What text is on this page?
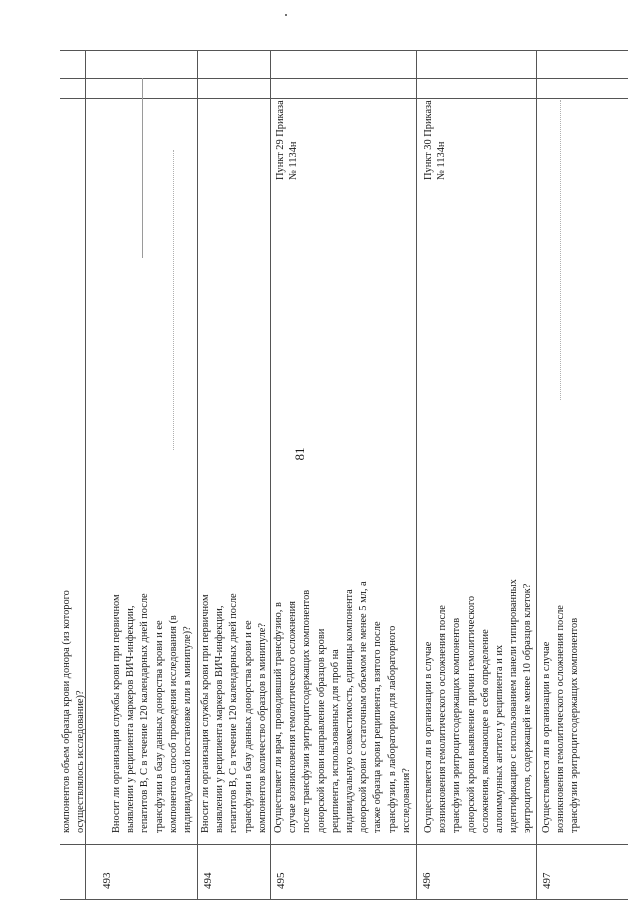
81
компонентов объем образца крови донора (из которого осуществлялось исследование)?
493
Вносит ли организация службы крови при первичном выявлении у реципиента маркеров ВИЧ-инфекции, гепатитов В, С в течение 120 календарных дней после трансфузии в базу данных донорства крови и ее компонентов способ проведения исследования (в индивидуальной постановке или в минипуле)?
494
Вносит ли организация службы крови при первичном выявлении у реципиента маркеров ВИЧ-инфекции, гепатитов В, С в течение 120 календарных дней после трансфузии в базу данных донорства крови и ее компонентов количество образцов в минипуле?
495
Осуществляет ли врач, проводивший трансфузию, в случае возникновения гемолитического осложнения после трансфузии эритроцитсодержащих компонентов донорской крови направление образцов крови реципиента, использованных для проб на индивидуальную совместимость, единицы компонента донорской крови с остаточным объемом не менее 5 мл, а также образца крови реципиента, взятого после трансфузии, в лабораторию для лабораторного исследования?
Пункт 29 Приказа № 1134н
496
Осуществляется ли в организации в случае возникновения гемолитического осложнения после трансфузии эритроцитсодержащих компонентов донорской крови выявление причин гемолитического осложнения, включающее в себя определение аллоиммунных антител у реципиента и их идентификацию с использованием панели типированных эритроцитов, содержащей не менее 10 образцов клеток?
Пункт 30 Приказа № 1134н
497
Осуществляется ли в организации в случае возникновения гемолитического осложнения после трансфузии эритроцитсодержащих компонентов
